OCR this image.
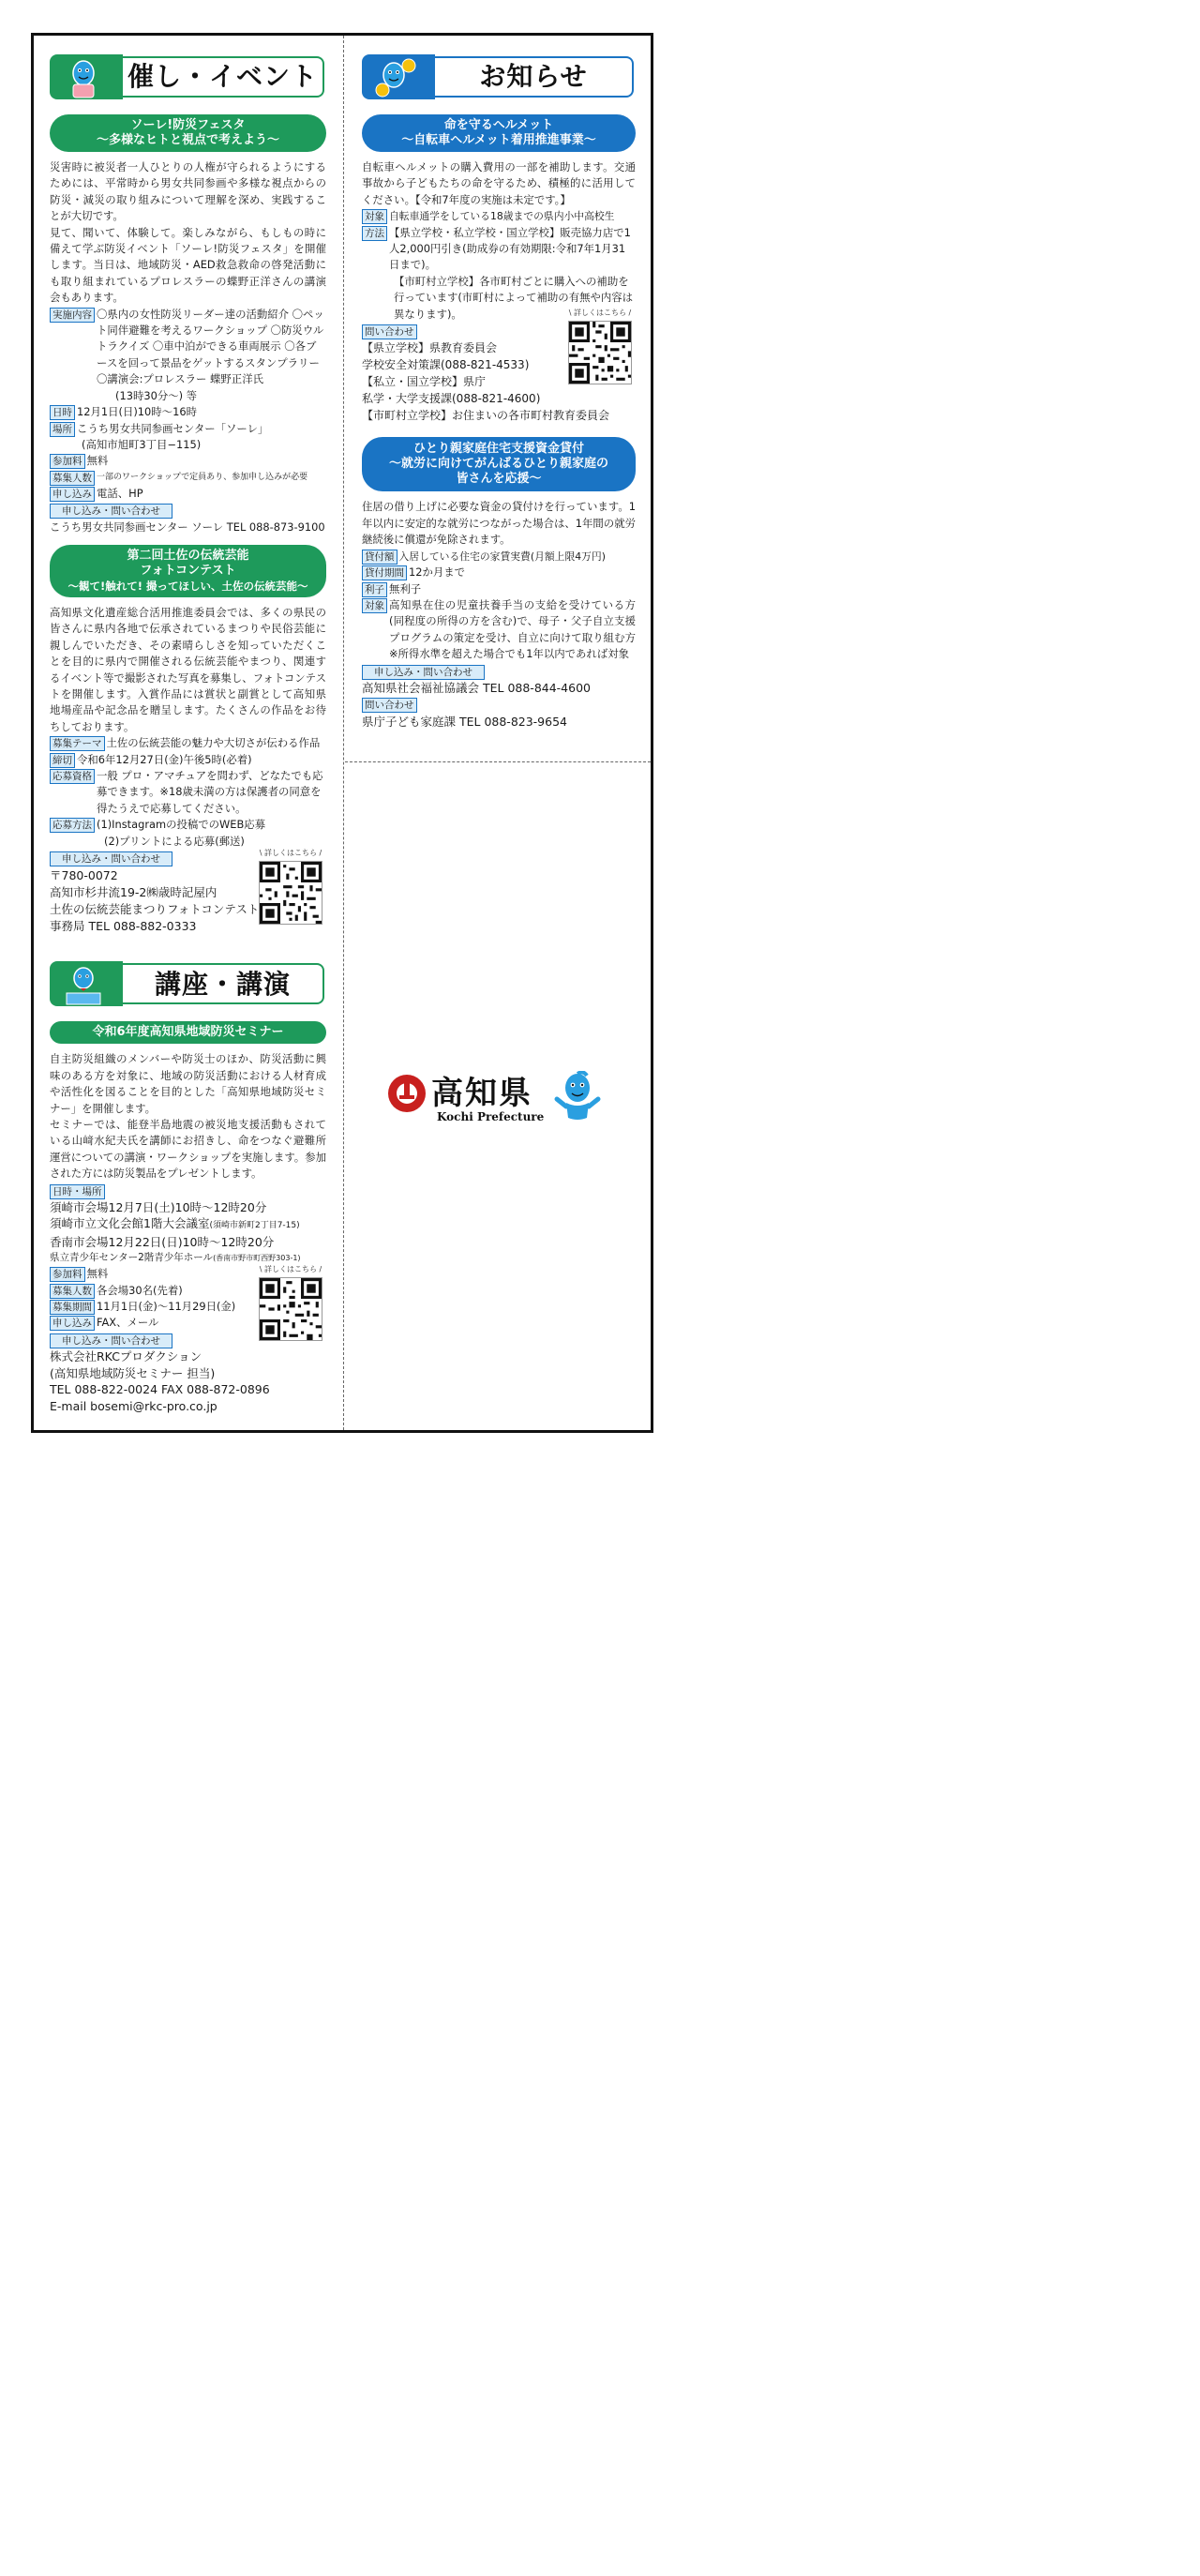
催し・イベント
ソーレ!防災フェスタ
～多様なヒトと視点で考えよう～

災害時に被災者一人ひとりの人権が守られるようにするためには、平常時から男女共同参画や多様な視点からの防災・減災の取り組みについて理解を深め、実践することが大切です。

見て、聞いて、体験して。楽しみながら、もしもの時に備えて学ぶ防災イベント「ソーレ!防災フェスタ」を開催します。当日は、地域防災・AED救急救命の啓発活動にも取り組まれているプロレスラーの蝶野正洋さんの講演会もあります。

実施内容 〇県内の女性防災リーダー達の活動紹介 〇ペット同伴避難を考えるワークショップ 〇防災ウルトラクイズ 〇車中泊ができる車両展示 〇各ブースを回って景品をゲットするスタンプラリー 〇講演会:プロレスラー 蝶野正洋氏
(13時30分～) 等
日時 12月1日(日)10時～16時
場所 こうち男女共同参画センター「ソーレ」
(高知市旭町3丁目−115)
参加料 無料
募集人数 一部のワークショップで定員あり、参加申し込みが必要
申し込み 電話、HP
申し込み・問い合わせ
こうち男女共同参画センター ソーレ TEL 088-873-9100
第二回土佐の伝統芸能
フォトコンテスト
～観て!触れて! 撮ってほしい、土佐の伝統芸能～

高知県文化遺産総合活用推進委員会では、多くの県民の皆さんに県内各地で伝承されているまつりや民俗芸能に親しんでいただき、その素晴らしさを知っていただくことを目的に県内で開催される伝統芸能やまつり、関連するイベント等で撮影された写真を募集し、フォトコンテストを開催します。入賞作品には賞状と副賞として高知県地場産品や記念品を贈呈します。たくさんの作品をお待ちしております。

募集テーマ 土佐の伝統芸能の魅力や大切さが伝わる作品
締切 令和6年12月27日(金)午後5時(必着)
応募資格 一般 プロ・アマチュアを問わず、どなたでも応募できます。※18歳未満の方は保護者の同意を得たうえで応募してください。
応募方法 (1)Instagramの投稿でのWEB応募
(2)プリントによる応募(郵送)
申し込み・問い合わせ
〒780-0072
高知市杉井流19-2㈱歳時記屋内
土佐の伝統芸能まつりフォトコンテスト
事務局 TEL 088-882-0333
\ 詳しくはこちら /
講座・講演
令和6年度高知県地域防災セミナー

自主防災組織のメンバーや防災士のほか、防災活動に興味のある方を対象に、地域の防災活動における人材育成や活性化を図ることを目的とした「高知県地域防災セミナー」を開催します。

セミナーでは、能登半島地震の被災地支援活動もされている山﨑水紀夫氏を講師にお招きし、命をつなぐ避難所運営についての講演・ワークショップを実施します。参加された方には防災製品をプレゼントします。

日時・場所
須崎市会場12月7日(土)10時～12時20分
須崎市立文化会館1階大会議室(須崎市新町2丁目7-15)
香南市会場12月22日(日)10時～12時20分
県立青少年センター2階青少年ホール(香南市野市町西野303-1)
参加料 無料
募集人数 各会場30名(先着)
募集期間 11月1日(金)～11月29日(金)
申し込み FAX、メール
申し込み・問い合わせ
株式会社RKCプロダクション
(高知県地域防災セミナー 担当)
TEL 088-822-0024 FAX 088-872-0896
E-mail bosemi@rkc-pro.co.jp
\ 詳しくはこちら /
お知らせ
命を守るヘルメット
～自転車ヘルメット着用推進事業～

自転車ヘルメットの購入費用の一部を補助します。交通事故から子どもたちの命を守るため、積極的に活用してください。【令和7年度の実施は未定です。】

対象 自転車通学をしている18歳までの県内小中高校生
方法 【県立学校・私立学校・国立学校】販売協力店で1人2,000円引き(助成券の有効期限:令和7年1月31日まで)。
【市町村立学校】各市町村ごとに購入への補助を行っています(市町村によって補助の有無や内容は異なります)。
問い合わせ
【県立学校】県教育委員会
学校安全対策課(088-821-4533)
【私立・国立学校】県庁
私学・大学支援課(088-821-4600)
【市町村立学校】お住まいの各市町村教育委員会
\ 詳しくはこちら /
ひとり親家庭住宅支援資金貸付
～就労に向けてがんばるひとり親家庭の
皆さんを応援～

住居の借り上げに必要な資金の貸付けを行っています。1年以内に安定的な就労につながった場合は、1年間の就労継続後に償還が免除されます。

貸付額 入居している住宅の家賃実費(月額上限4万円)
貸付期間 12か月まで
利子 無利子
対象 高知県在住の児童扶養手当の支給を受けている方(同程度の所得の方を含む)で、母子・父子自立支援プログラムの策定を受け、自立に向けて取り組む方※所得水準を超えた場合でも1年以内であれば対象
申し込み・問い合わせ
高知県社会福祉協議会 TEL 088-844-4600
問い合わせ
県庁子ども家庭課 TEL 088-823-9654
高知県
Kochi Prefecture
